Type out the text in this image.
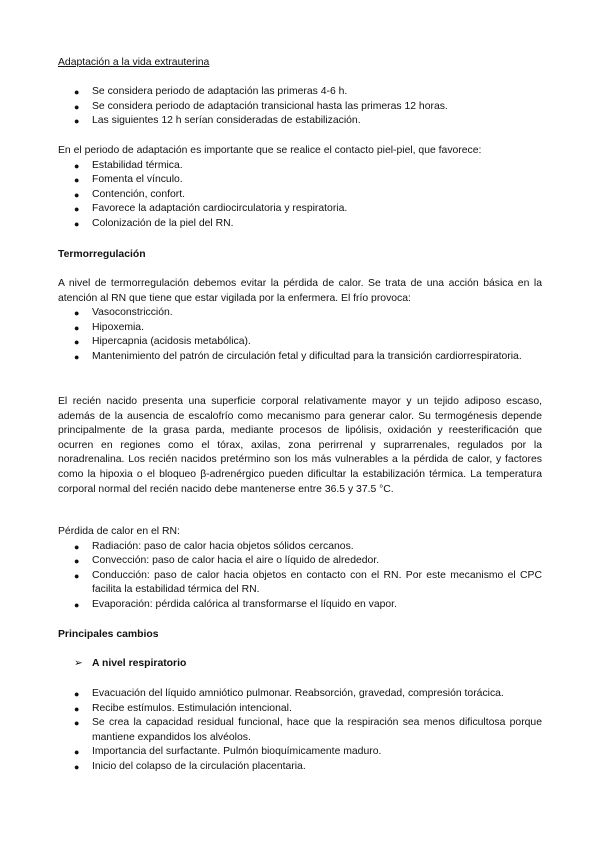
Adaptación a la vida extrauterina

● Se considera periodo de adaptación las primeras 4-6 h.
● Se considera periodo de adaptación transicional hasta las primeras 12 horas.
● Las siguientes 12 h serían consideradas de estabilización.

En el periodo de adaptación es importante que se realice el contacto piel-piel, que favorece:

● Estabilidad térmica.
● Fomenta el vínculo.
● Contención, confort.
● Favorece la adaptación cardiocirculatoria y respiratoria.
● Colonización de la piel del RN.

Termorregulación

A nivel de termorregulación debemos evitar la pérdida de calor. Se trata de una acción básica en la atención al RN que tiene que estar vigilada por la enfermera. El frío provoca:

● Vasoconstricción.
● Hipoxemia.
● Hipercapnia (acidosis metabólica).
● Mantenimiento del patrón de circulación fetal y dificultad para la transición cardiorrespiratoria.

El recién nacido presenta una superficie corporal relativamente mayor y un tejido adiposo escaso, además de la ausencia de escalofrío como mecanismo para generar calor. Su termogénesis depende principalmente de la grasa parda, mediante procesos de lipólisis, oxidación y reesterificación que ocurren en regiones como el tórax, axilas, zona perirrenal y suprarrenales, regulados por la noradrenalina. Los recién nacidos pretérmino son los más vulnerables a la pérdida de calor, y factores como la hipoxia o el bloqueo β-adrenérgico pueden dificultar la estabilización térmica. La temperatura corporal normal del recién nacido debe mantenerse entre 36.5 y 37.5 °C.

Pérdida de calor en el RN:

● Radiación: paso de calor hacia objetos sólidos cercanos.
● Convección: paso de calor hacia el aire o líquido de alrededor.
● Conducción: paso de calor hacia objetos en contacto con el RN. Por este mecanismo el CPC facilita la estabilidad térmica del RN.
● Evaporación: pérdida calórica al transformarse el líquido en vapor.

Principales cambios

➢ A nivel respiratorio
● Evacuación del líquido amniótico pulmonar. Reabsorción, gravedad, compresión torácica.
● Recibe estímulos. Estimulación intencional.
● Se crea la capacidad residual funcional, hace que la respiración sea menos dificultosa porque mantiene expandidos los alvéolos.
● Importancia del surfactante. Pulmón bioquímicamente maduro.
● Inicio del colapso de la circulación placentaria.
